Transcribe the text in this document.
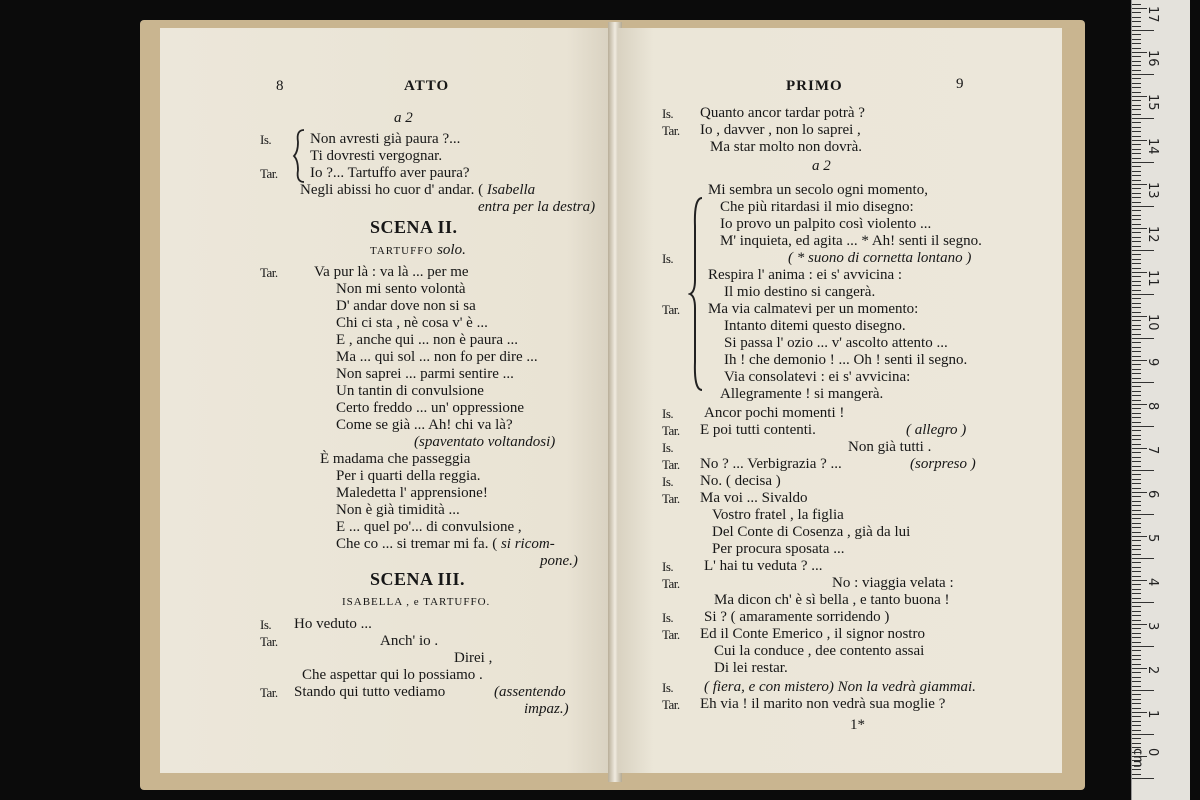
8	ATTO
a 2
Is.	Non avresti già paura ?...
Ti dovresti vergognar.
Tar. Io ?... Tartuffo aver paura?
Negli abissi ho cuor d' andar. ( Isabella
entra per la destra)
SCENA II.
TARTUFFO solo.
Tar. Va pur là : va là ... per me
Non mi sento volontà
D' andar dove non si sa
Chi ci sta , nè cosa v' è ...
E , anche qui ... non è paura ...
Ma ... qui sol ... non fo per dire ...
Non saprei ... parmi sentire ...
Un tantin di convulsione
Certo freddo ... un' oppressione
Come se già ... Ah! chi va là?
(spaventato voltandosi)
È madama che passeggia
Per i quarti della reggia.
Maledetta l' apprensione!
Non è già timidità ...
E ... quel po'... di convulsione ,
Che co ... si tremar mi fa. ( si ricom-
pone.)
SCENA III.
ISABELLA , e TARTUFFO.
Is. Ho veduto ...
Tar.	Anch' io .
Direi ,
Che aspettar qui lo possiamo .
Tar. Stando qui tutto vediamo	(assentendo
impaz.)
PRIMO	9
Is. Quanto ancor tardar potrà ?
Tar. Io , davver , non lo saprei ,
Ma star molto non dovrà.
a 2
Mi sembra un secolo ogni momento,
Che più ritardasi il mio disegno:
Io provo un palpito così violento ...
M' inquieta, ed agita ... * Ah! senti il segno.
Is.	( * suono di cornetta lontano )
Respira l' anima : ei s' avvicina :
Il mio destino si cangerà.
Tar. Ma via calmatevi per un momento:
Intanto ditemi questo disegno.
Si passa l' ozio ... v' ascolto attento ...
Ih ! che demonio ! ... Oh ! senti il segno.
Via consolatevi : ei s' avvicina:
Allegramente ! si mangerà.
Is. Ancor pochi momenti !
Tar. E poi tutti contenti.	( allegro )
Is.	Non già tutti .
Tar. No ? ... Verbigrazia ? ...	(sorpreso )
Is. No. ( decisa )
Tar. Ma voi ... Sivaldo
Vostro fratel , la figlia
Del Conte di Cosenza , già da lui
Per procura sposata ...
Is. L' hai tu veduta ? ...
Tar.	No : viaggia velata :
Ma dicon ch' è sì bella , e tanto buona !
Is. Si ? ( amaramente sorridendo )
Tar. Ed il Conte Emerico , il signor nostro
Cui la conduce , dee contento assai
Di lei restar.
Is. ( fiera, e con mistero) Non la vedrà giammai.
Tar. Eh via ! il marito non vedrà sua moglie ?
1*
17
16
15
14
13
12
11
10
9
8
7
6
5
4
3
2
1
0 cm
